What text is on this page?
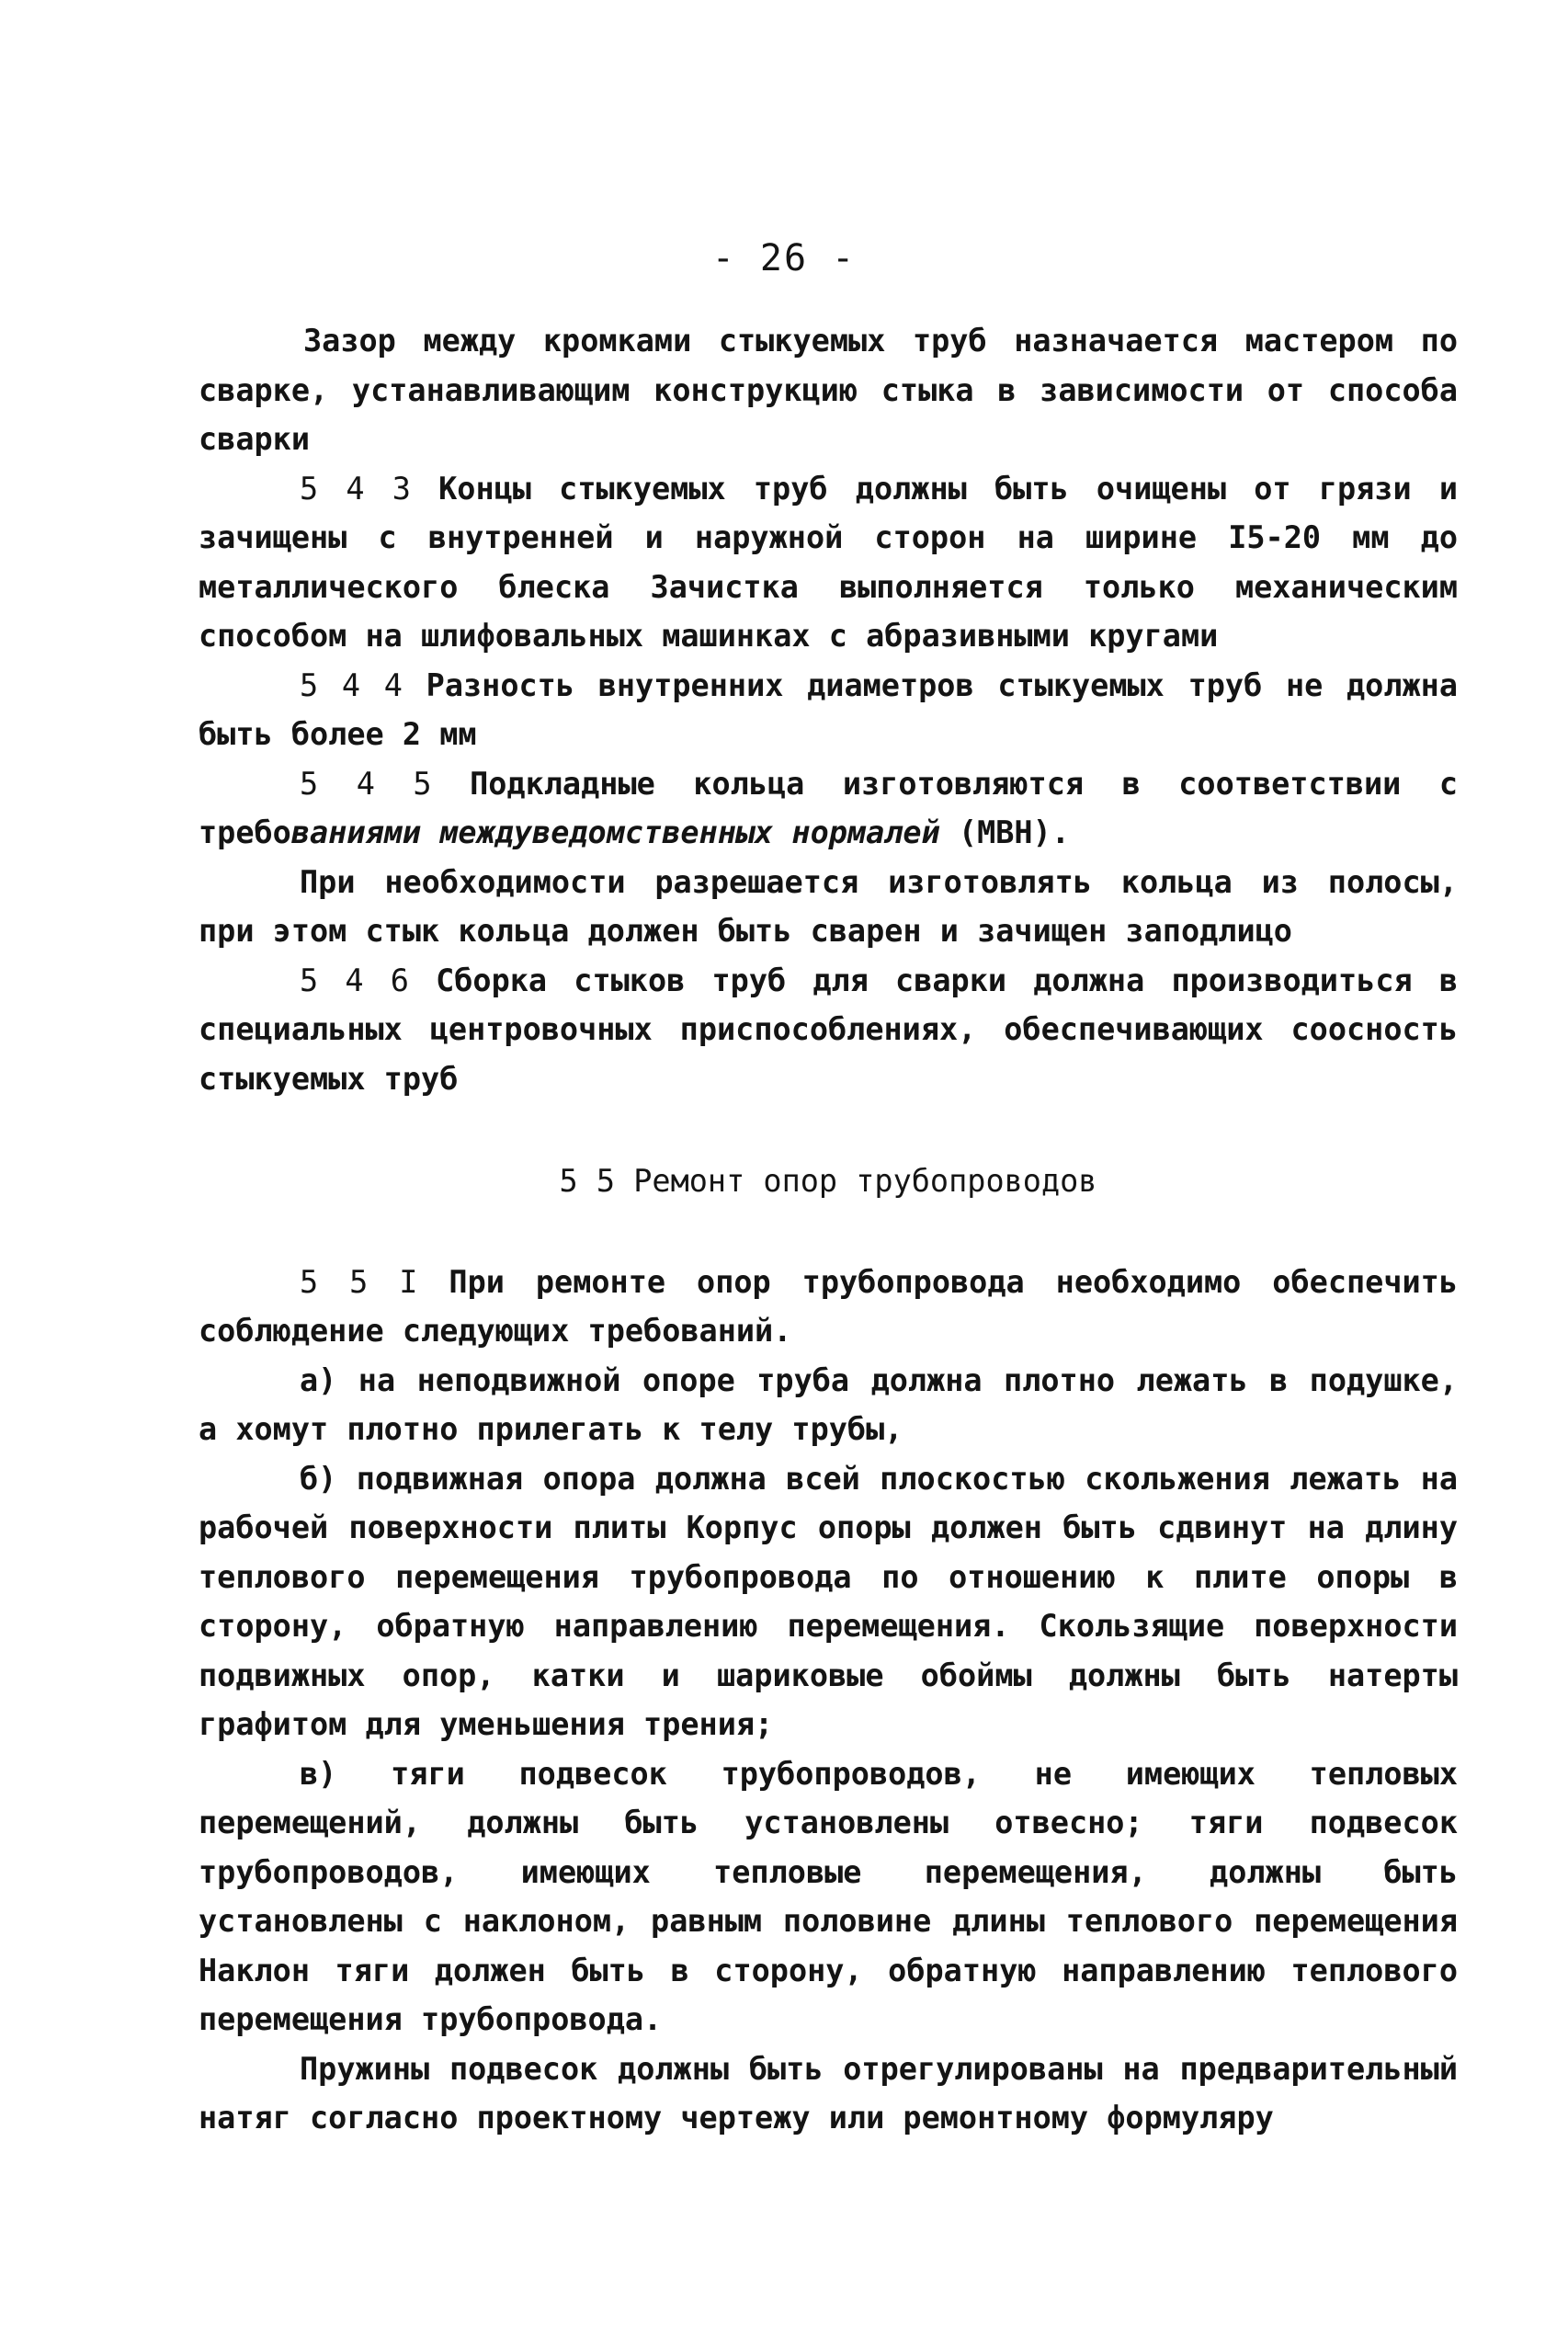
- 26 -

Зазор между кромками стыкуемых труб назначается мастером по сварке, устанавливающим конструкцию стыка в зависимости от способа сварки

5 4 3 Концы стыкуемых труб должны быть очищены от грязи и зачищены с внутренней и наружной сторон на ширине I5-20 мм до металлического блеска Зачистка выполняется только механическим способом на шлифовальных машинках с абразивными кругами

5 4 4 Разность внутренних диаметров стыкуемых труб не должна быть более 2 мм

5 4 5 Подкладные кольца изготовляются в соответствии с требованиями междуведомственных нормалей (МВН).

При необходимости разрешается изготовлять кольца из полосы, при этом стык кольца должен быть сварен и зачищен заподлицо

5 4 6 Сборка стыков труб для сварки должна производиться в специальных центровочных приспособлениях, обеспечивающих соосность стыкуемых труб

5 5 Ремонт опор трубопроводов

5 5 I При ремонте опор трубопровода необходимо обеспечить соблюдение следующих требований.

а) на неподвижной опоре труба должна плотно лежать в подушке, а хомут плотно прилегать к телу трубы,

б) подвижная опора должна всей плоскостью скольжения лежать на рабочей поверхности плиты Корпус опоры должен быть сдвинут на длину теплового перемещения трубопровода по отношению к плите опоры в сторону, обратную направлению перемещения. Скользящие поверхности подвижных опор, катки и шариковые обоймы должны быть натерты графитом для уменьшения трения;

в) тяги подвесок трубопроводов, не имеющих тепловых перемещений, должны быть установлены отвесно; тяги подвесок трубопроводов, имеющих тепловые перемещения, должны быть установлены с наклоном, равным половине длины теплового перемещения Наклон тяги должен быть в сторону, обратную направлению теплового перемещения трубопровода.

Пружины подвесок должны быть отрегулированы на предварительный натяг согласно проектному чертежу или ремонтному формуляру
